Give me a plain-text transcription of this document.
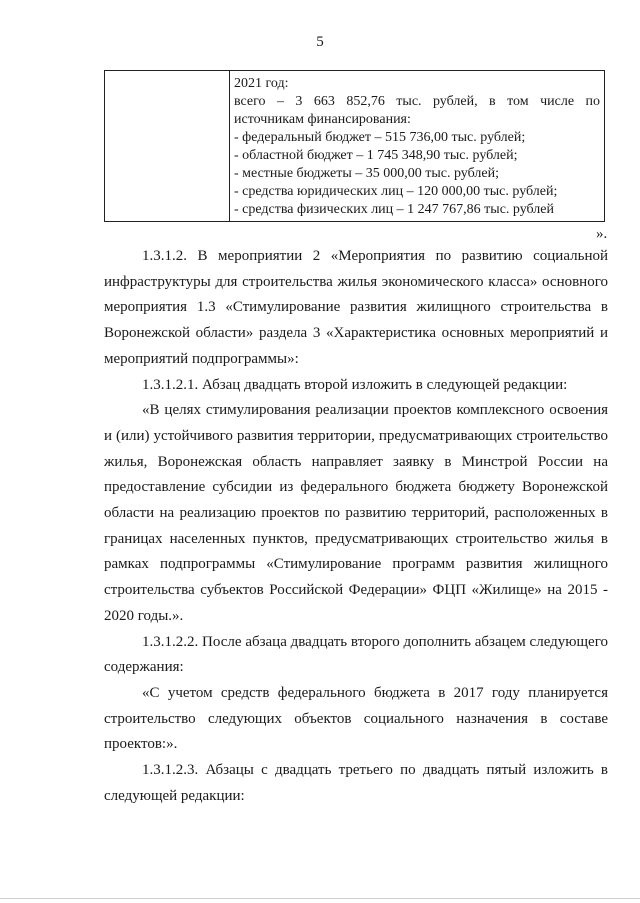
5
2021 год:
всего – 3 663 852,76 тыс. рублей, в том числе по
источникам финансирования:
- федеральный бюджет – 515 736,00 тыс. рублей;
- областной бюджет – 1 745 348,90 тыс. рублей;
- местные бюджеты – 35 000,00 тыс. рублей;
- средства юридических лиц – 120 000,00 тыс. рублей;
- средства физических лиц – 1 247 767,86 тыс. рублей
».

1.3.1.2. В мероприятии 2 «Мероприятия по развитию социальной инфраструктуры для строительства жилья экономического класса» основного мероприятия 1.3 «Стимулирование развития жилищного строительства в Воронежской области» раздела 3 «Характеристика основных мероприятий и мероприятий подпрограммы»:

1.3.1.2.1. Абзац двадцать второй изложить в следующей редакции:

«В целях стимулирования реализации проектов комплексного освоения и (или) устойчивого развития территории, предусматривающих строительство жилья, Воронежская область направляет заявку в Минстрой России на предоставление субсидии из федерального бюджета бюджету Воронежской области на реализацию проектов по развитию территорий, расположенных в границах населенных пунктов, предусматривающих строительство жилья в рамках подпрограммы «Стимулирование программ развития жилищного строительства субъектов Российской Федерации» ФЦП «Жилище» на 2015 - 2020 годы.».

1.3.1.2.2. После абзаца двадцать второго дополнить абзацем следующего содержания:

«С учетом средств федерального бюджета в 2017 году планируется строительство следующих объектов социального назначения в составе проектов:».

1.3.1.2.3. Абзацы с двадцать третьего по двадцать пятый изложить в следующей редакции:
